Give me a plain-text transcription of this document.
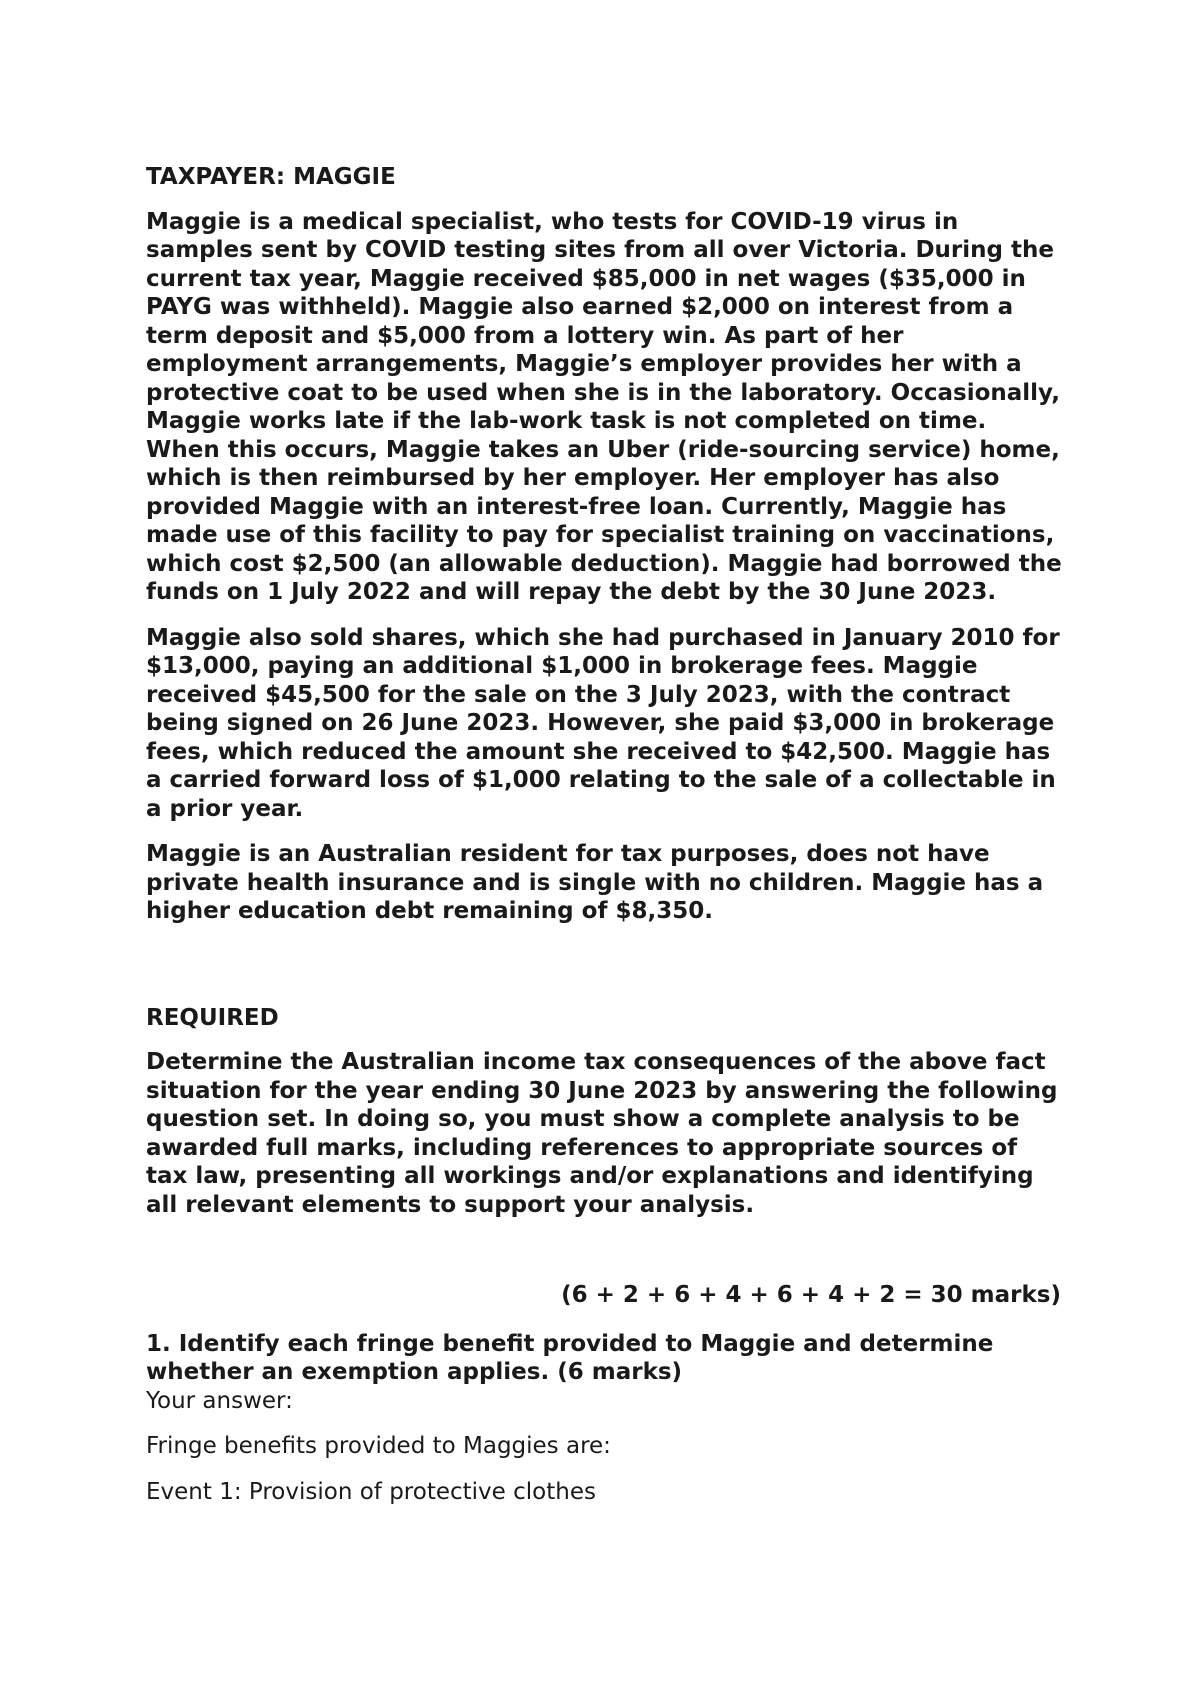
TAXPAYER: MAGGIE

Maggie is a medical specialist, who tests for COVID-19 virus in samples sent by COVID testing sites from all over Victoria. During the current tax year, Maggie received $85,000 in net wages ($35,000 in PAYG was withheld). Maggie also earned $2,000 on interest from a term deposit and $5,000 from a lottery win. As part of her employment arrangements, Maggie’s employer provides her with a protective coat to be used when she is in the laboratory. Occasionally, Maggie works late if the lab-work task is not completed on time. When this occurs, Maggie takes an Uber (ride-sourcing service) home, which is then reimbursed by her employer. Her employer has also provided Maggie with an interest-free loan. Currently, Maggie has made use of this facility to pay for specialist training on vaccinations, which cost $2,500 (an allowable deduction). Maggie had borrowed the funds on 1 July 2022 and will repay the debt by the 30 June 2023.

Maggie also sold shares, which she had purchased in January 2010 for $13,000, paying an additional $1,000 in brokerage fees. Maggie received $45,500 for the sale on the 3 July 2023, with the contract being signed on 26 June 2023. However, she paid $3,000 in brokerage fees, which reduced the amount she received to $42,500. Maggie has a carried forward loss of $1,000 relating to the sale of a collectable in a prior year.

Maggie is an Australian resident for tax purposes, does not have private health insurance and is single with no children. Maggie has a higher education debt remaining of $8,350.

REQUIRED

Determine the Australian income tax consequences of the above fact situation for the year ending 30 June 2023 by answering the following question set. In doing so, you must show a complete analysis to be awarded full marks, including references to appropriate sources of tax law, presenting all workings and/or explanations and identifying all relevant elements to support your analysis.

(6 + 2 + 6 + 4 + 6 + 4 + 2 = 30 marks)

1. Identify each fringe benefit provided to Maggie and determine whether an exemption applies. (6 marks)

Your answer:

Fringe benefits provided to Maggies are:

Event 1: Provision of protective clothes
